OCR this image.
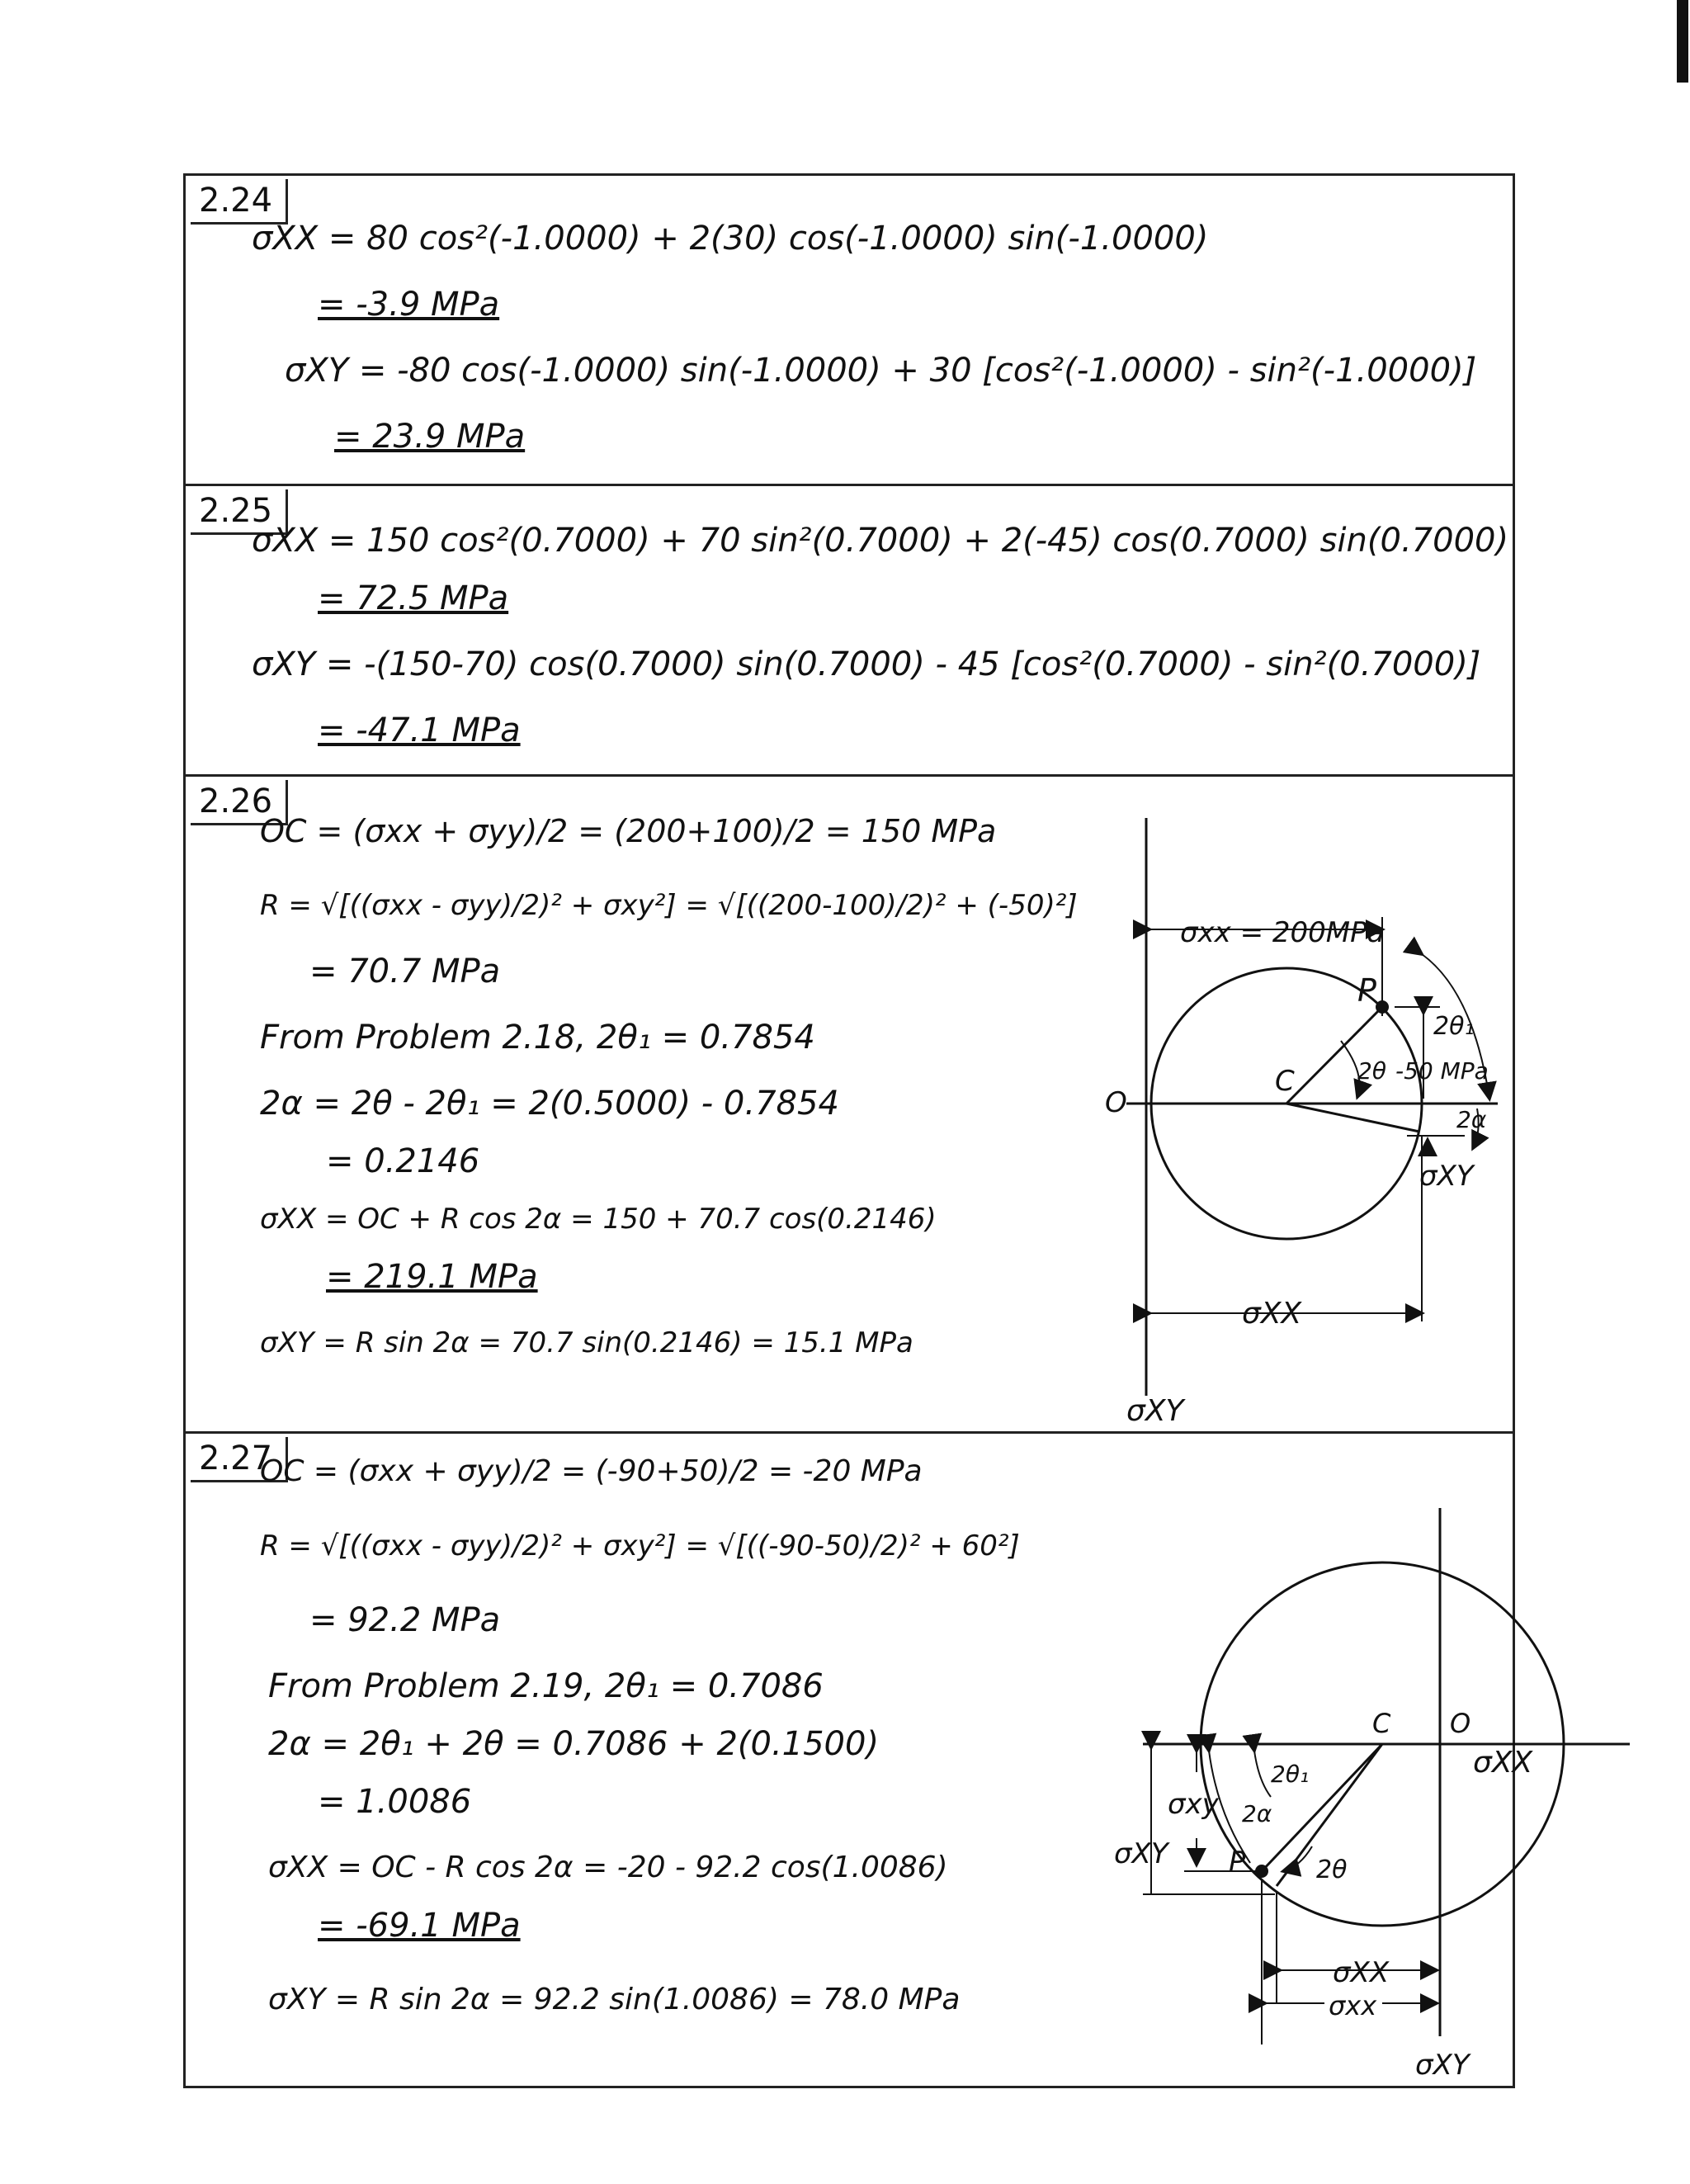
2.24
σXX = 80 cos²(-1.0000) + 2(30) cos(-1.0000) sin(-1.0000)
= -3.9 MPa
σXY = -80 cos(-1.0000) sin(-1.0000) + 30 [cos²(-1.0000) - sin²(-1.0000)]
= 23.9 MPa
2.25
σXX = 150 cos²(0.7000) + 70 sin²(0.7000) + 2(-45) cos(0.7000) sin(0.7000)
= 72.5 MPa
σXY = -(150-70) cos(0.7000) sin(0.7000) - 45 [cos²(0.7000) - sin²(0.7000)]
= -47.1 MPa
2.26
OC = (σxx + σyy)/2 = (200+100)/2 = 150 MPa
R = √[((σxx - σyy)/2)² + σxy²] = √[((200-100)/2)² + (-50)²]
= 70.7 MPa
From Problem 2.18, 2θ₁ = 0.7854
2α = 2θ - 2θ₁ = 2(0.5000) - 0.7854
= 0.2146
σXX = OC + R cos 2α = 150 + 70.7 cos(0.2146)
= 219.1 MPa
σXY = R sin 2α = 70.7 sin(0.2146) = 15.1 MPa
σxx = 200MPa
P
C
O
2θ₁
2θ -50 MPa
2α
σXY
σXX
σXY
2.27
OC = (σxx + σyy)/2 = (-90+50)/2 = -20 MPa
R = √[((σxx - σyy)/2)² + σxy²] = √[((-90-50)/2)² + 60²]
= 92.2 MPa
From Problem 2.19, 2θ₁ = 0.7086
2α = 2θ₁ + 2θ = 0.7086 + 2(0.1500)
= 1.0086
σXX = OC - R cos 2α = -20 - 92.2 cos(1.0086)
= -69.1 MPa
σXY = R sin 2α = 92.2 sin(1.0086) = 78.0 MPa
C O
σXX
σxy
σXY
2θ₁
2α
P	2θ
σXX
σxx
σXY
